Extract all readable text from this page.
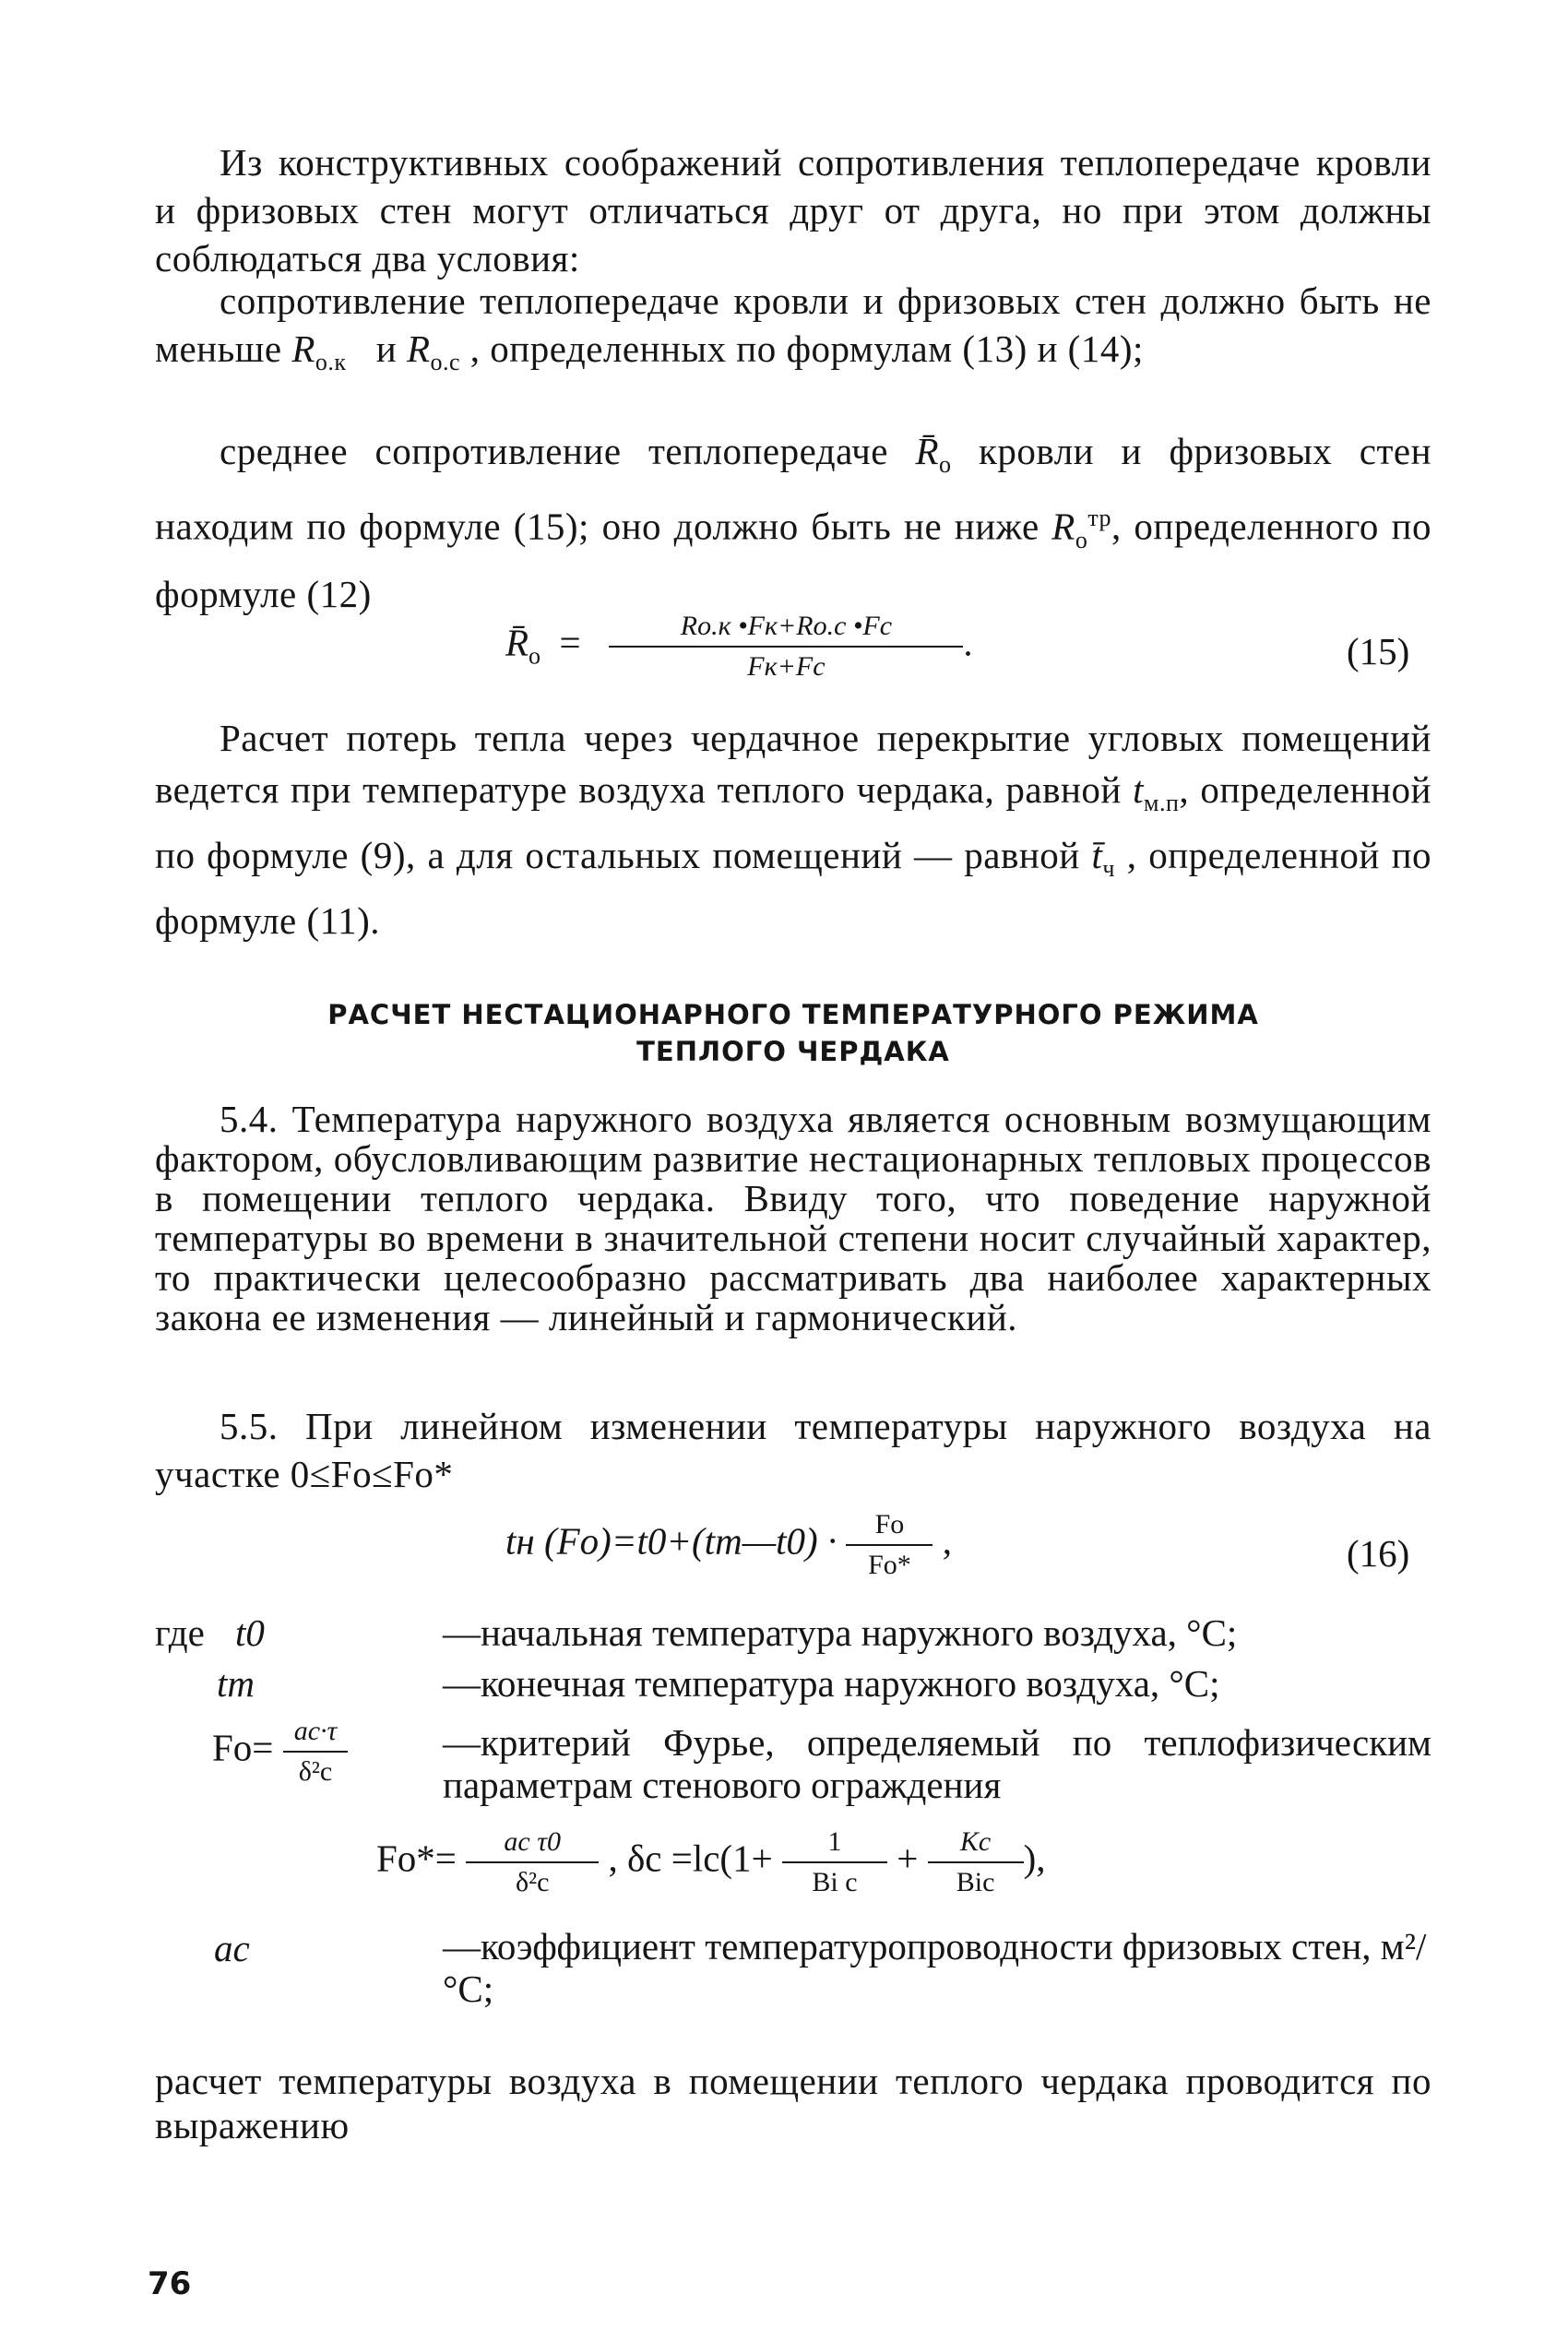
Из конструктивных соображений сопротивления теплопередаче кровли и фризовых стен могут отличаться друг от друга, но при этом должны соблюдаться два условия:
сопротивление теплопередаче кровли и фризовых стен должно быть не меньше $R_{о.к}$ и $R_{о.с}$ , определенных по формулам (13) и (14);
среднее сопротивление теплопередаче $R̄_о$ кровли и фризовых стен находим по формуле (15); оно должно быть не ниже $R_о^{тр}$, определенного по формуле (12)
$R̄_о = \frac{Rо.к •Fк+Rо.с •Fс}{Fк+Fс}$ .	(15)
Расчет потерь тепла через чердачное перекрытие угловых помещений ведется при температуре воздуха теплого чердака, равной $t_{м.п}$, определенной по формуле (9), а для остальных помещений — равной $t̄_ч$ , определенной по формуле (11).
РАСЧЕТ НЕСТАЦИОНАРНОГО ТЕМПЕРАТУРНОГО РЕЖИМА
ТЕПЛОГО ЧЕРДАКА
5.4. Температура наружного воздуха является основным возмущающим фактором, обусловливающим развитие нестационарных тепловых процессов в помещении теплого чердака. Ввиду того, что поведение наружной температуры во времени в значительной степени носит случайный характер, то практически целесообразно рассматривать два наиболее характерных закона ее изменения — линейный и гармонический.
5.5. При линейном изменении температуры наружного воздуха на участке 0≤Fo≤Fo*
tн (Fo)=t0+(tm—t0) · $\frac{Fo}{Fo*}$ ,	(16)
где t0	—начальная температура наружного воздуха, °С;
tm	—конечная температура наружного воздуха, °С;
$Fo= \frac{ac\cdot\tau}{\text{δ²c}}$	—критерий Фурье, определяемый по теплофизическим параметрам стенового ограждения
$Fo*= \frac{\text{ac τ0}}{\text{δ²c}}$ , $\delta c =lc(1+ \frac{1}{\text{Bi c}} + \frac{Kc}{\text{Bic}}$ ),
ac	—коэффициент температуропроводности фризовых стен, м²/°С;
расчет температуры воздуха в помещении теплого чердака проводится по выражению
76
